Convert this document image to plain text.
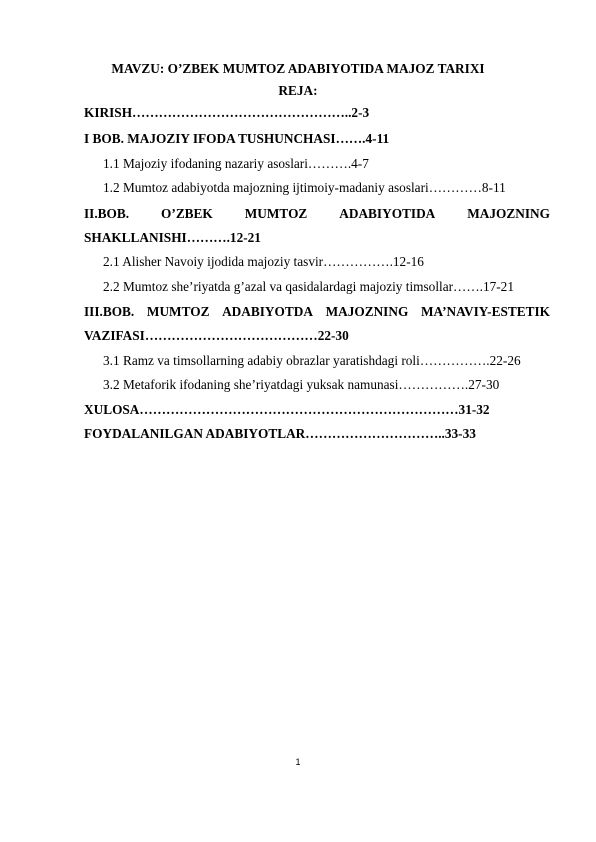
MAVZU: O’ZBEK MUMTOZ ADABIYOTIDA MAJOZ TARIXI
REJA:
KIRISH…………………………………………..2-3
I BOB. MAJOZIY IFODA TUSHUNCHASI…….4-11
1.1 Majoziy ifodaning nazariy asoslari……….4-7
1.2 Mumtoz adabiyotda majozning ijtimoiy-madaniy asoslari…………8-11
II.BOB. O’ZBEK MUMTOZ ADABIYOTIDA MAJOZNING
SHAKLLANISHI……….12-21
2.1 Alisher Navoiy ijodida majoziy tasvir…………….12-16
2.2 Mumtoz she’riyatda g’azal va qasidalardagi majoziy timsollar…….17-21
III.BOB. MUMTOZ ADABIYOTDA MAJOZNING MA’NAVIY-ESTETIK
VAZIFASI…………………………………22-30
3.1 Ramz va timsollarning adabiy obrazlar yaratishdagi roli…………….22-26
3.2 Metaforik ifodaning she’riyatdagi yuksak namunasi…………….27-30
XULOSA………………………………………………………………31-32
FOYDALANILGAN ADABIYOTLAR…………………………..33-33
1
